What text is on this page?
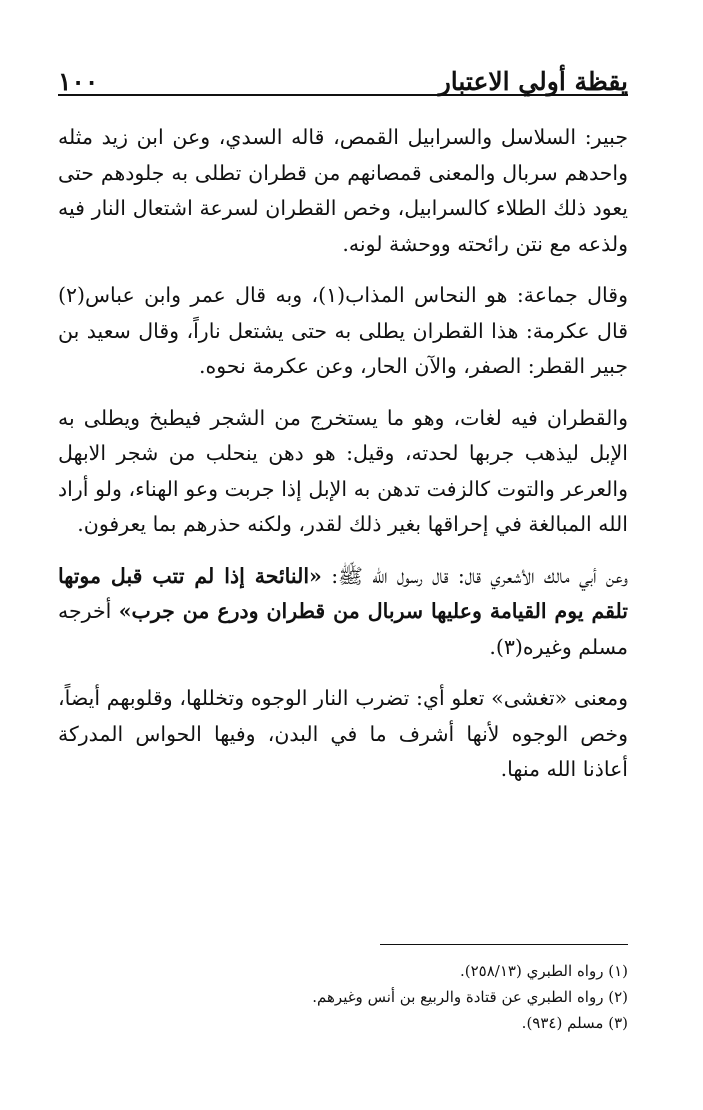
يقظة أولي الاعتبار
١٠٠

جبير: السلاسل والسرابيل القمص، قاله السدي، وعن ابن زيد مثله واحدهم سربال والمعنى قمصانهم من قطران تطلى به جلودهم حتى يعود ذلك الطلاء كالسرابيل، وخص القطران لسرعة اشتعال النار فيه ولذعه مع نتن رائحته ووحشة لونه.

وقال جماعة: هو النحاس المذاب(١)، وبه قال عمر وابن عباس(٢) قال عكرمة: هذا القطران يطلى به حتى يشتعل ناراً، وقال سعيد بن جبير القطر: الصفر، والآن الحار، وعن عكرمة نحوه.

والقطران فيه لغات، وهو ما يستخرج من الشجر فيطبخ ويطلى به الإبل ليذهب جربها لحدته، وقيل: هو دهن ينحلب من شجر الابهل والعرعر والتوت كالزفت تدهن به الإبل إذا جربت وعو الهناء، ولو أراد الله المبالغة في إحراقها بغير ذلك لقدر، ولكنه حذرهم بما يعرفون.

وعن أبي مالك الأشعري قال: قال رسول الله ﷺ: «النائحة إذا لم تتب قبل موتها تلقم يوم القيامة وعليها سربال من قطران ودرع من جرب» أخرجه مسلم وغيره(٣).

ومعنى «تغشى» تعلو أي: تضرب النار الوجوه وتخللها، وقلوبهم أيضاً، وخص الوجوه لأنها أشرف ما في البدن، وفيها الحواس المدركة أعاذنا الله منها.

(١) رواه الطبري (٢٥٨/١٣).

(٢) رواه الطبري عن قتادة والربيع بن أنس وغيرهم.

(٣) مسلم (٩٣٤).
